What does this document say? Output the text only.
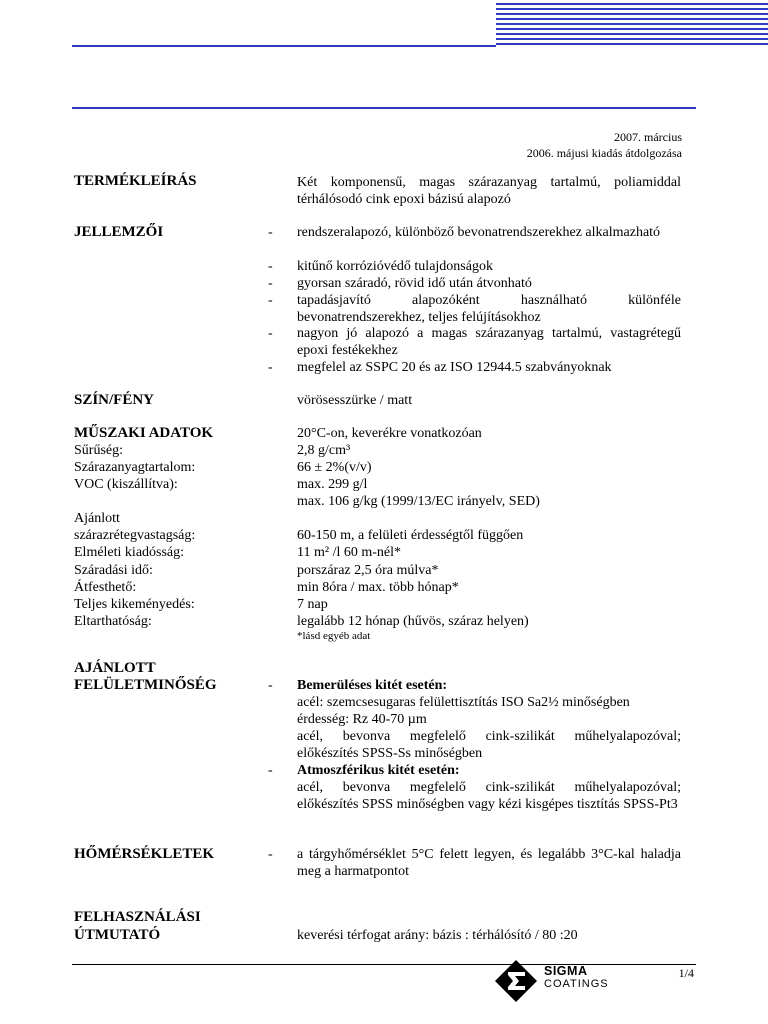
2007. március
2006. májusi kiadás átdolgozása
TERMÉKLEÍRÁS	Két komponensű, magas szárazanyag tartalmú, poliamiddal térhálósodó cink epoxi bázisú alapozó
JELLEMZŐI	- rendszeralapozó, különböző bevonatrendszerekhez alkalmazható
- kitűnő korrózióvédő tulajdonságok
- gyorsan száradó, rövid idő után átvonható
- tapadásjavító alapozóként használható különféle bevonatrendszerekhez, teljes felújításokhoz
- nagyon jó alapozó a magas szárazanyag tartalmú, vastagrétegű epoxi festékekhez
- megfelel az SSPC 20 és az ISO 12944.5 szabványoknak
SZÍN/FÉNY	vörösesszürke / matt
MŰSZAKI ADATOK	20°C-on, keverékre vonatkozóan
Sűrűség:	2,8 g/cm³
Szárazanyagtartalom:	66 ± 2%(v/v)
VOC (kiszállítva):	max. 299 g/l
max. 106 g/kg (1999/13/EC irányelv, SED)
Ajánlott
szárazrétegvastagság:	60-150 m, a felületi érdességtől függően
Elméleti kiadósság:	11 m² /l 60 m-nél*
Száradási idő:	porszáraz 2,5 óra múlva*
Átfesthető:	min 8óra / max. több hónap*
Teljes kikeményedés:	7 nap
Eltarthatóság:	legalább 12 hónap (hűvös, száraz helyen)
*lásd egyéb adat
AJÁNLOTT
FELÜLETMINŐSÉG	- Bemerüléses kitét esetén:
acél: szemcsesugaras felülettisztítás ISO Sa2½ minőségben
érdesség: Rz 40-70 µm
acél, bevonva megfelelő cink-szilikát műhelyalapozóval; előkészítés SPSS-Ss minőségben
- Atmoszférikus kitét esetén:
acél, bevonva megfelelő cink-szilikát műhelyalapozóval; előkészítés SPSS minőségben vagy kézi kisgépes tisztítás SPSS-Pt3
HŐMÉRSÉKLETEK	- a tárgyhőmérséklet 5°C felett legyen, és legalább 3°C-kal haladja meg a harmatpontot
FELHASZNÁLÁSI
ÚTMUTATÓ	keverési térfogat arány: bázis : térhálósító / 80 :20
SIGMA
COATINGS
1/4
